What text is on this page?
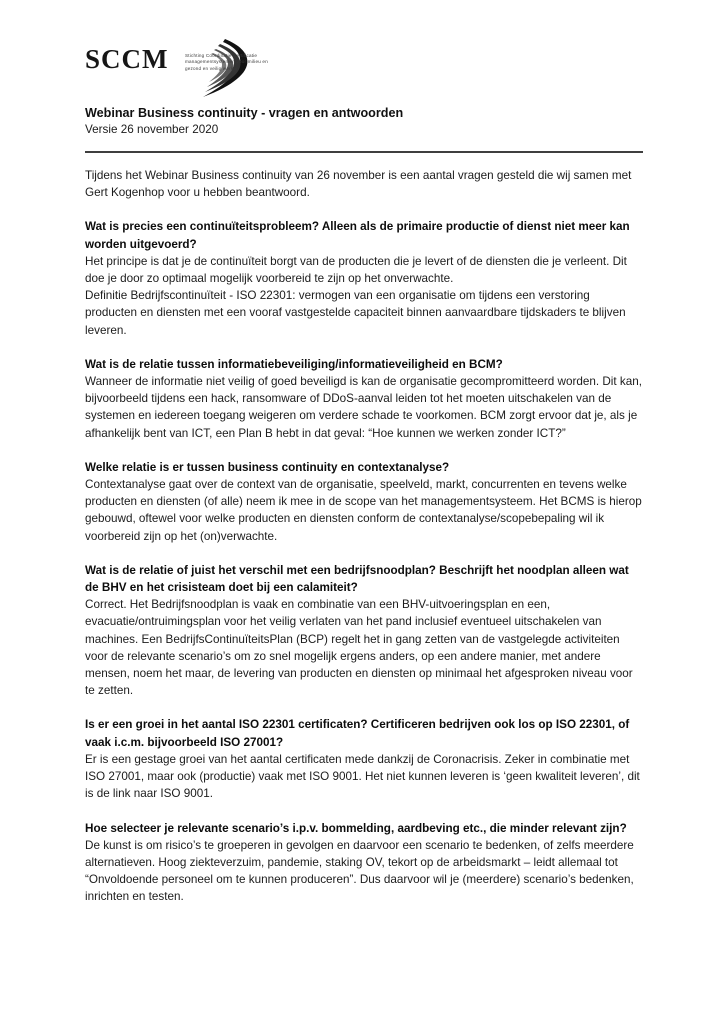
SCCM	Stichting Coördinatie Certificatie
managementsystemen voor milieu en
gezond en veilig werken
Webinar Business continuity - vragen en antwoorden

Versie 26 november 2020

Tijdens het Webinar Business continuity van 26 november is een aantal vragen gesteld die wij samen met Gert Kogenhop voor u hebben beantwoord.

Wat is precies een continuïteitsprobleem? Alleen als de primaire productie of dienst niet meer kan worden uitgevoerd?

Het principe is dat je de continuïteit borgt van de producten die je levert of de diensten die je verleent. Dit doe je door zo optimaal mogelijk voorbereid te zijn op het onverwachte.

Definitie Bedrijfscontinuïteit - ISO 22301: vermogen van een organisatie om tijdens een verstoring producten en diensten met een vooraf vastgestelde capaciteit binnen aanvaardbare tijdskaders te blijven leveren.

Wat is de relatie tussen informatiebeveiliging/informatieveiligheid en BCM?

Wanneer de informatie niet veilig of goed beveiligd is kan de organisatie gecompromitteerd worden. Dit kan, bijvoorbeeld tijdens een hack, ransomware of DDoS-aanval leiden tot het moeten uitschakelen van de systemen en iedereen toegang weigeren om verdere schade te voorkomen. BCM zorgt ervoor dat je, als je afhankelijk bent van ICT, een Plan B hebt in dat geval: “Hoe kunnen we werken zonder ICT?”

Welke relatie is er tussen business continuity en contextanalyse?

Contextanalyse gaat over de context van de organisatie, speelveld, markt, concurrenten en tevens welke producten en diensten (of alle) neem ik mee in de scope van het managementsysteem. Het BCMS is hierop gebouwd, oftewel voor welke producten en diensten conform de contextanalyse/scopebepaling wil ik voorbereid zijn op het (on)verwachte.

Wat is de relatie of juist het verschil met een bedrijfsnoodplan? Beschrijft het noodplan alleen wat de BHV en het crisisteam doet bij een calamiteit?

Correct. Het Bedrijfsnoodplan is vaak en combinatie van een BHV-uitvoeringsplan en een, evacuatie/ontruimingsplan voor het veilig verlaten van het pand inclusief eventueel uitschakelen van machines. Een BedrijfsContinuïteitsPlan (BCP) regelt het in gang zetten van de vastgelegde activiteiten voor de relevante scenario’s om zo snel mogelijk ergens anders, op een andere manier, met andere mensen, noem het maar, de levering van producten en diensten op minimaal het afgesproken niveau voor te zetten.

Is er een groei in het aantal ISO 22301 certificaten? Certificeren bedrijven ook los op ISO 22301, of vaak i.c.m. bijvoorbeeld ISO 27001?

Er is een gestage groei van het aantal certificaten mede dankzij de Coronacrisis. Zeker in combinatie met ISO 27001, maar ook (productie) vaak met ISO 9001. Het niet kunnen leveren is ‘geen kwaliteit leveren’, dit is de link naar ISO 9001.

Hoe selecteer je relevante scenario’s i.p.v. bommelding, aardbeving etc., die minder relevant zijn?

De kunst is om risico’s te groeperen in gevolgen en daarvoor een scenario te bedenken, of zelfs meerdere alternatieven. Hoog ziekteverzuim, pandemie, staking OV, tekort op de arbeidsmarkt – leidt allemaal tot “Onvoldoende personeel om te kunnen produceren”. Dus daarvoor wil je (meerdere) scenario’s bedenken, inrichten en testen.
